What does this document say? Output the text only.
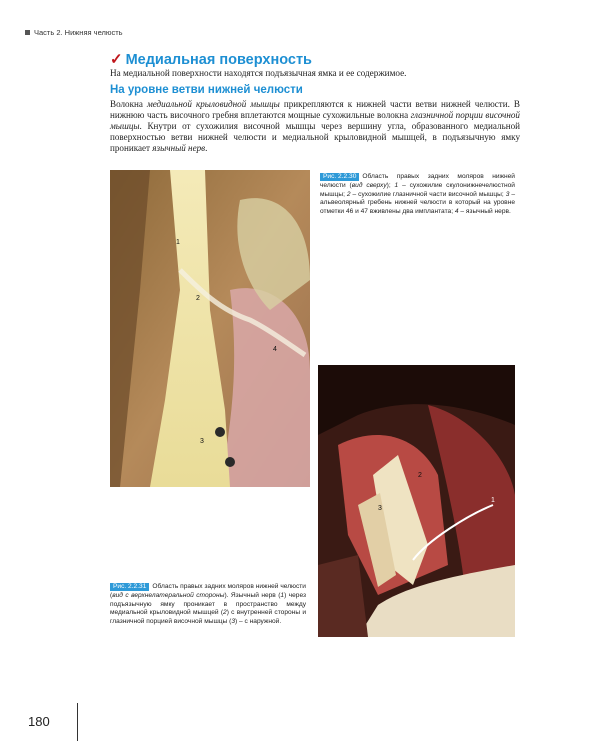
Часть 2. Нижняя челюсть
✓ Медиальная поверхность

На медиальной поверхности находятся подъязычная ямка и ее содержимое.

На уровне ветви нижней челюсти

Волокна медиальной крыловидной мышцы прикрепляются к нижней части ветви нижней челюсти. В нижнюю часть височного гребня вплетаются мощные сухожильные волокна глазничной порции височной мышцы. Кнутри от сухожилия височной мышцы через вершину угла, образованного медиальной поверхностью ветви нижней челюсти и медиальной крыловидной мышцей, в подъязычную ямку проникает язычный нерв.

1
2
3
4

Рис. 2.2.30 Область правых задних моляров нижней челюсти (вид сверху); 1 – сухожилие скулонижнечелюстной мышцы; 2 – сухожилие глазничной части височной мышцы; 3 – альвеолярный гребень нижней челюсти в который на уровне отметки 46 и 47 вживлены два имплантата; 4 – язычный нерв.

1
2
3

Рис. 2.2.31 Область правых задних моляров нижней челюсти (вид с верхнелатеральной стороны). Язычный нерв (1) через подъязычную ямку проникает в пространство между медиальной крыловидной мышцей (2) с внутренней стороны и глазничной порцией височной мышцы (3) – с наружной.

180
